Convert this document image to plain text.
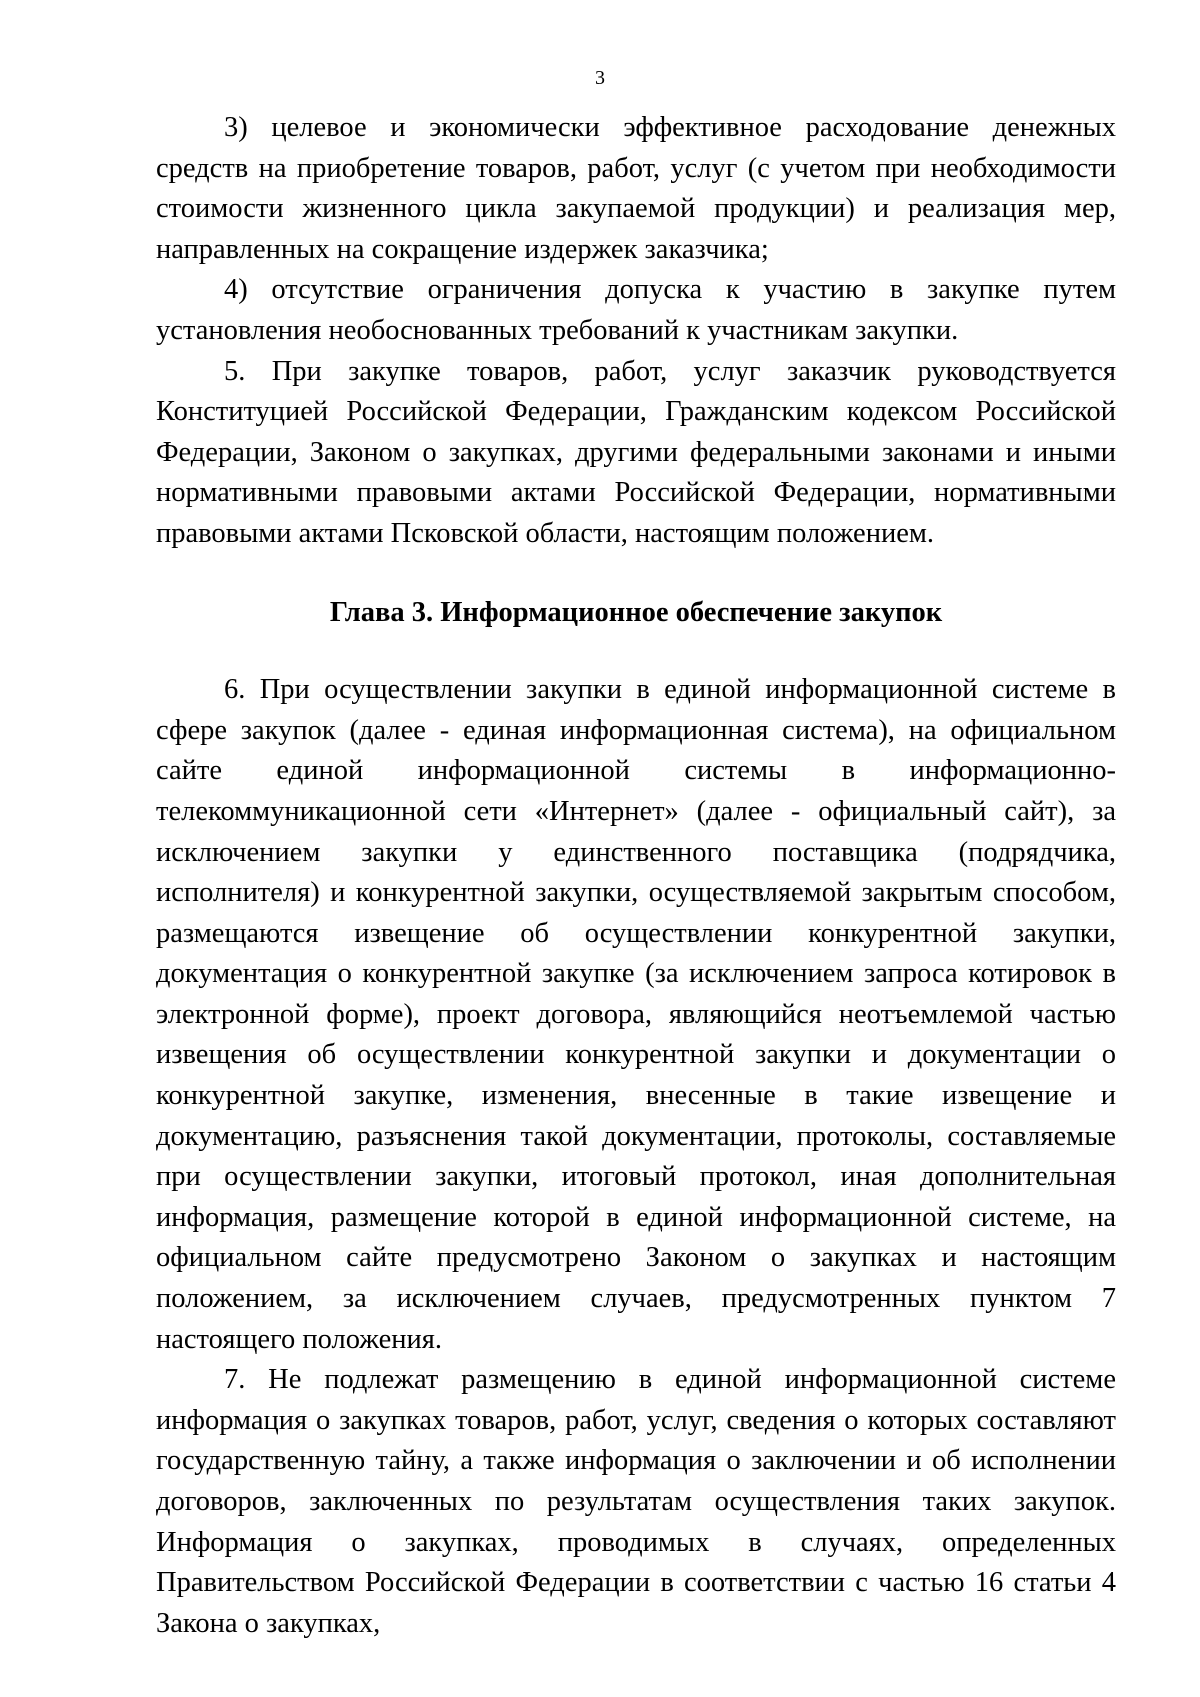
3

3) целевое и экономически эффективное расходование денежных средств на приобретение товаров, работ, услуг (с учетом при необходимости стоимости жизненного цикла закупаемой продукции) и реализация мер, направленных на сокращение издержек заказчика;

4) отсутствие ограничения допуска к участию в закупке путем установления необоснованных требований к участникам закупки.

5. При закупке товаров, работ, услуг заказчик руководствуется Конституцией Российской Федерации, Гражданским кодексом Российской Федерации, Законом о закупках, другими федеральными законами и иными нормативными правовыми актами Российской Федерации, нормативными правовыми актами Псковской области, настоящим положением.

Глава 3. Информационное обеспечение закупок

6. При осуществлении закупки в единой информационной системе в сфере закупок (далее - единая информационная система), на официальном сайте единой информационной системы в информационно-телекоммуникационной сети «Интернет» (далее - официальный сайт), за исключением закупки у единственного поставщика (подрядчика, исполнителя) и конкурентной закупки, осуществляемой закрытым способом, размещаются извещение об осуществлении конкурентной закупки, документация о конкурентной закупке (за исключением запроса котировок в электронной форме), проект договора, являющийся неотъемлемой частью извещения об осуществлении конкурентной закупки и документации о конкурентной закупке, изменения, внесенные в такие извещение и документацию, разъяснения такой документации, протоколы, составляемые при осуществлении закупки, итоговый протокол, иная дополнительная информация, размещение которой в единой информационной системе, на официальном сайте предусмотрено Законом о закупках и настоящим положением, за исключением случаев, предусмотренных пунктом 7 настоящего положения.

7. Не подлежат размещению в единой информационной системе информация о закупках товаров, работ, услуг, сведения о которых составляют государственную тайну, а также информация о заключении и об исполнении договоров, заключенных по результатам осуществления таких закупок. Информация о закупках, проводимых в случаях, определенных Правительством Российской Федерации в соответствии с частью 16 статьи 4 Закона о закупках,
